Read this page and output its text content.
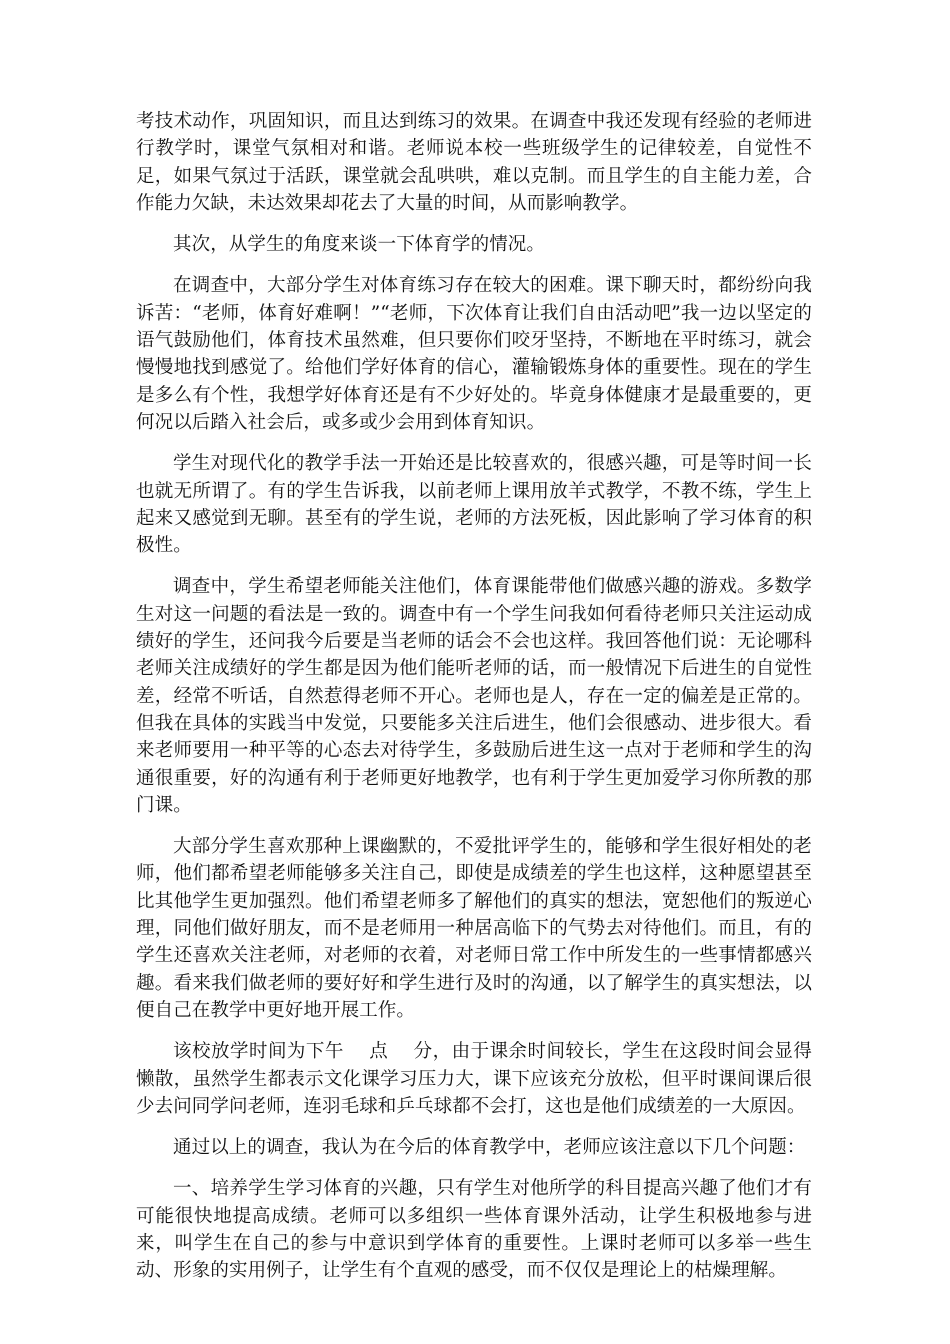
考技术动作，巩固知识，而且达到练习的效果。在调查中我还发现有经验的老师进行教学时，课堂气氛相对和谐。老师说本校一些班级学生的记律较差，自觉性不足，如果气氛过于活跃，课堂就会乱哄哄，难以克制。而且学生的自主能力差，合作能力欠缺，未达效果却花去了大量的时间，从而影响教学。

其次，从学生的角度来谈一下体育学的情况。

在调查中，大部分学生对体育练习存在较大的困难。课下聊天时，都纷纷向我诉苦：“老师，体育好难啊！”“老师，下次体育让我们自由活动吧”我一边以坚定的语气鼓励他们，体育技术虽然难，但只要你们咬牙坚持，不断地在平时练习，就会慢慢地找到感觉了。给他们学好体育的信心，灌输锻炼身体的重要性。现在的学生是多么有个性，我想学好体育还是有不少好处的。毕竟身体健康才是最重要的，更何况以后踏入社会后，或多或少会用到体育知识。

学生对现代化的教学手法一开始还是比较喜欢的，很感兴趣，可是等时间一长也就无所谓了。有的学生告诉我，以前老师上课用放羊式教学，不教不练，学生上起来又感觉到无聊。甚至有的学生说，老师的方法死板，因此影响了学习体育的积极性。

调查中，学生希望老师能关注他们，体育课能带他们做感兴趣的游戏。多数学生对这一问题的看法是一致的。调查中有一个学生问我如何看待老师只关注运动成绩好的学生，还问我今后要是当老师的话会不会也这样。我回答他们说：无论哪科老师关注成绩好的学生都是因为他们能听老师的话，而一般情况下后进生的自觉性差，经常不听话，自然惹得老师不开心。老师也是人，存在一定的偏差是正常的。但我在具体的实践当中发觉，只要能多关注后进生，他们会很感动、进步很大。看来老师要用一种平等的心态去对待学生，多鼓励后进生这一点对于老师和学生的沟通很重要，好的沟通有利于老师更好地教学，也有利于学生更加爱学习你所教的那门课。

大部分学生喜欢那种上课幽默的，不爱批评学生的，能够和学生很好相处的老师，他们都希望老师能够多关注自己，即使是成绩差的学生也这样，这种愿望甚至比其他学生更加强烈。他们希望老师多了解他们的真实的想法，宽恕他们的叛逆心理，同他们做好朋友，而不是老师用一种居高临下的气势去对待他们。而且，有的学生还喜欢关注老师，对老师的衣着，对老师日常工作中所发生的一些事情都感兴趣。看来我们做老师的要好好和学生进行及时的沟通，以了解学生的真实想法，以便自己在教学中更好地开展工作。

该校放学时间为下午　 点　 分，由于课余时间较长，学生在这段时间会显得懒散，虽然学生都表示文化课学习压力大，课下应该充分放松，但平时课间课后很少去问同学问老师，连羽毛球和乒乓球都不会打，这也是他们成绩差的一大原因。

通过以上的调查，我认为在今后的体育教学中，老师应该注意以下几个问题：

一、培养学生学习体育的兴趣，只有学生对他所学的科目提高兴趣了他们才有可能很快地提高成绩。老师可以多组织一些体育课外活动，让学生积极地参与进来，叫学生在自己的参与中意识到学体育的重要性。上课时老师可以多举一些生动、形象的实用例子，让学生有个直观的感受，而不仅仅是理论上的枯燥理解。
